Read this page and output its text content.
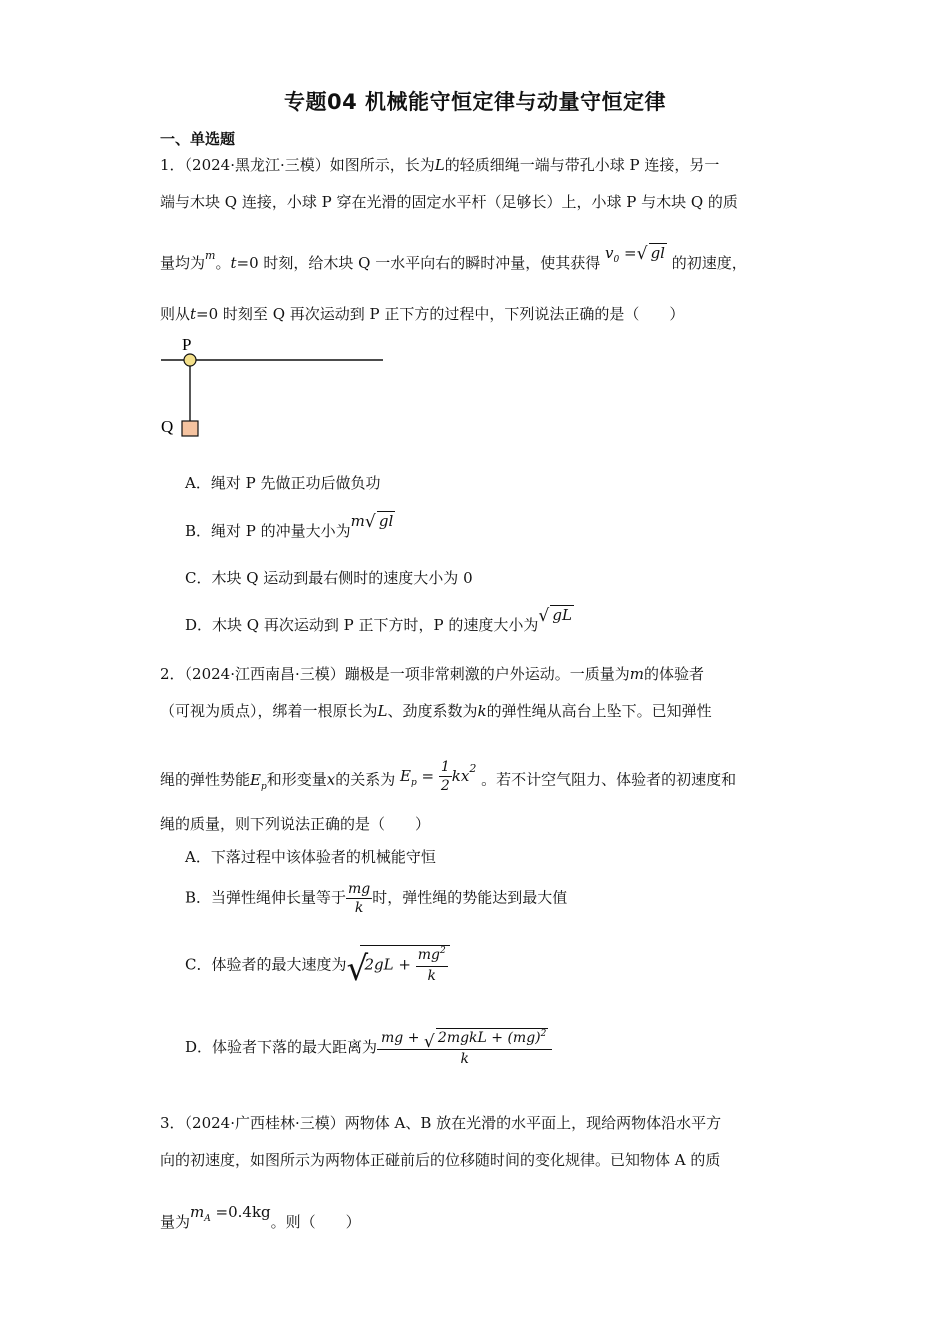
专题04 机械能守恒定律与动量守恒定律
一、单选题
1．（2024·黑龙江·三模）如图所示，长为L的轻质细绳一端与带孔小球 P 连接，另一
端与木块 Q 连接，小球 P 穿在光滑的固定水平杆（足够长）上，小球 P 与木块 Q 的质
量均为$^m$。t=0 时刻，给木块 Q 一水平向右的瞬时冲量，使其获得 $v_0$ = √ gl 的初速度，
则从t=0 时刻至 Q 再次运动到 P 正下方的过程中，下列说法正确的是（　　）
P
Q
A．绳对 P 先做正功后做负功
B．绳对 P 的冲量大小为m √ gl
C．木块 Q 运动到最右侧时的速度大小为 0
D．木块 Q 再次运动到 P 正下方时，P 的速度大小为 √ gL
2．（2024·江西南昌·三模）蹦极是一项非常刺激的户外运动。一质量为m的体验者
（可视为质点），绑着一根原长为L、劲度系数为k的弹性绳从高台上坠下。已知弹性
绳的弹性势能$E_p$和形变量x的关系为 $E_p = \frac{1}{2} kx^2$ 。若不计空气阻力、体验者的初速度和
绳的质量，则下列说法正确的是（　　）
A．下落过程中该体验者的机械能守恒
B．当弹性绳伸长量等于 $\frac{mg}{k}$ 时，弹性绳的势能达到最大值
C．体验者的最大速度为 √
$2gL + \frac{mg^2}{k}$
D．体验者下落的最大距离为 $\frac{mg + √ 2mgkL + (mg)^2}{k}$
3．（2024·广西桂林·三模）两物体 A、B 放在光滑的水平面上，现给两物体沿水平方
向的初速度，如图所示为两物体正碰前后的位移随时间的变化规律。已知物体 A 的质
量为$m_A =0.4kg$。则（　　）
